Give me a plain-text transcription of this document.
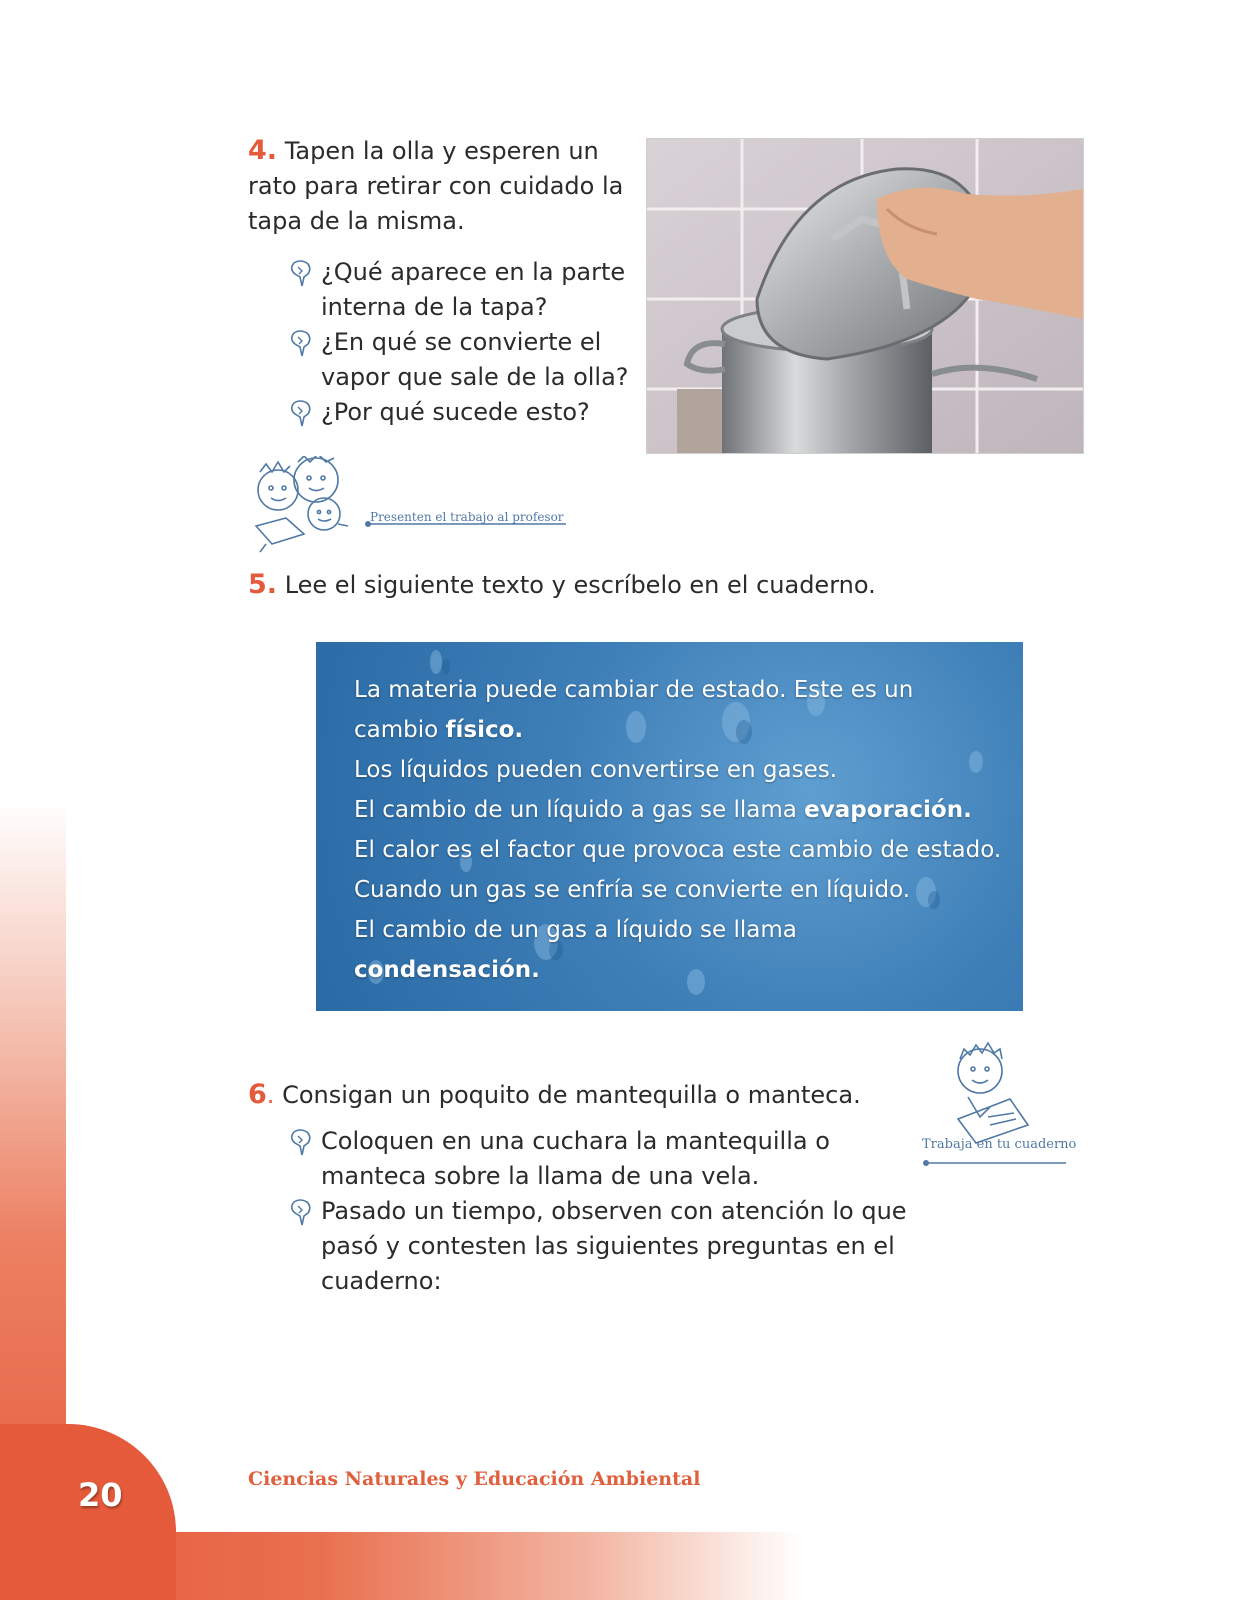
20	Ciencias Naturales y Educación Ambiental
4. Tapen la olla y esperen un rato para retirar con cuidado la tapa de la misma.
¿Qué aparece en la parte interna de la tapa?
¿En qué se convierte el vapor que sale de la olla?
¿Por qué sucede esto?
Presenten el trabajo al profesor
5. Lee el siguiente texto y escríbelo en el cuaderno.

La materia puede cambiar de estado. Este es un cambio físico.

Los líquidos pueden convertirse en gases.

El cambio de un líquido a gas se llama evaporación.

El calor es el factor que provoca este cambio de estado.

Cuando un gas se enfría se convierte en líquido.

El cambio de un gas a líquido se llama condensación.

6. Consigan un poquito de mantequilla o manteca.
Coloquen en una cuchara la mantequilla o manteca sobre la llama de una vela.
Pasado un tiempo, observen con atención lo que pasó y contesten las siguientes preguntas en el cuaderno:
Trabaja en tu cuaderno
